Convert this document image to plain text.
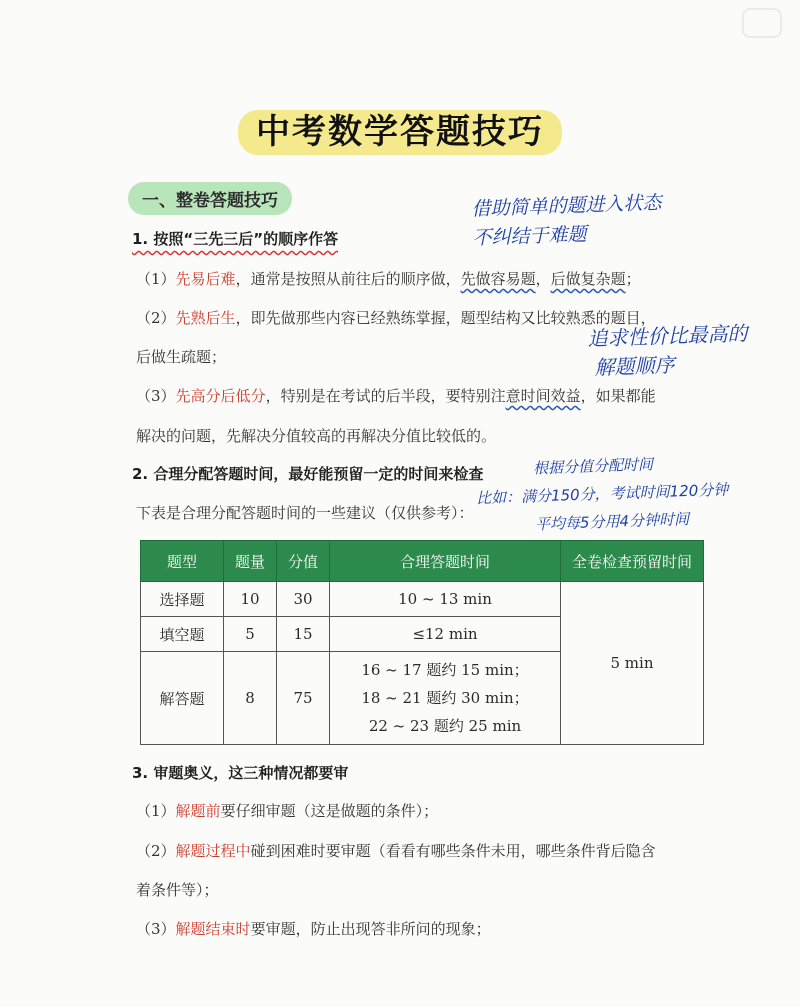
中考数学答题技巧
一、整卷答题技巧
1. 按照“三先三后”的顺序作答
（1）先易后难，通常是按照从前往后的顺序做，先做容易题，后做复杂题；
（2）先熟后生，即先做那些内容已经熟练掌握，题型结构又比较熟悉的题目，
后做生疏题；
（3）先高分后低分，特别是在考试的后半段，要特别注意时间效益，如果都能
解决的问题，先解决分值较高的再解决分值比较低的。
2. 合理分配答题时间，最好能预留一定的时间来检查
下表是合理分配答题时间的一些建议（仅供参考）：
题型	题量	分值	合理答题时间	全卷检查预留时间
选择题	10	30	10 ~ 13 min	5 min
填空题	5	15	≤12 min	
解答题	8	75	16 ~ 17 题约 15 min；
18 ~ 21 题约 30 min；
22 ~ 23 题约 25 min	
3. 审题奥义，这三种情况都要审
（1）解题前要仔细审题（这是做题的条件）；
（2）解题过程中碰到困难时要审题（看看有哪些条件未用，哪些条件背后隐含
着条件等）；
（3）解题结束时要审题，防止出现答非所问的现象；
借助简单的题进入状态
不纠结于难题
追求性价比最高的
解题顺序
根据分值分配时间
比如：满分150分，考试时间120分钟
平均每5分用4分钟时间
